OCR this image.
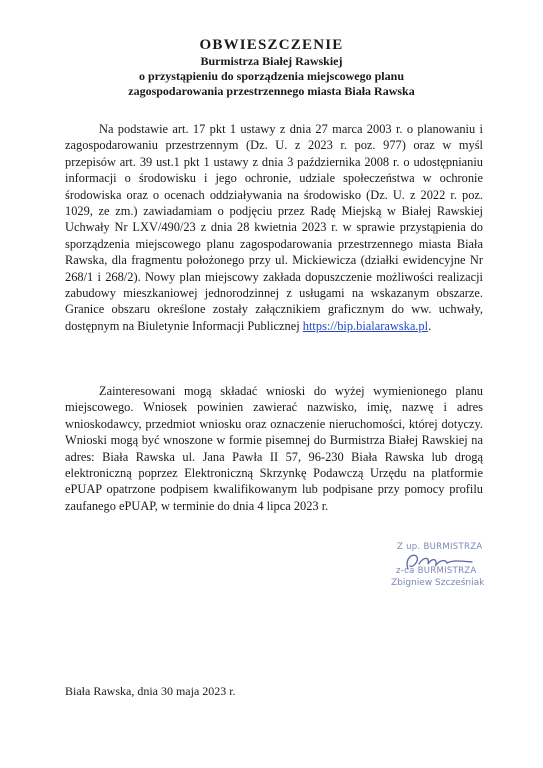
OBWIESZCZENIE

Burmistrza Białej Rawskiej

o przystąpieniu do sporządzenia miejscowego planu

zagospodarowania przestrzennego miasta Biała Rawska

Na podstawie art. 17 pkt 1 ustawy z dnia 27 marca 2003 r. o planowaniu i zagospodarowaniu przestrzennym (Dz. U. z 2023 r. poz. 977) oraz w myśl przepisów art. 39 ust.1 pkt 1 ustawy z dnia 3 października 2008 r. o udostępnianiu informacji o środowisku i jego ochronie, udziale społeczeństwa w ochronie środowiska oraz o ocenach oddziaływania na środowisko (Dz. U. z 2022 r. poz. 1029, ze zm.) zawiadamiam o podjęciu przez Radę Miejską w Białej Rawskiej Uchwały Nr LXV/490/23 z dnia 28 kwietnia 2023 r. w sprawie przystąpienia do sporządzenia miejscowego planu zagospodarowania przestrzennego miasta Biała Rawska, dla fragmentu położonego przy ul. Mickiewicza (działki ewidencyjne Nr 268/1 i 268/2). Nowy plan miejscowy zakłada dopuszczenie możliwości realizacji zabudowy mieszkaniowej jednorodzinnej z usługami na wskazanym obszarze. Granice obszaru określone zostały załącznikiem graficznym do ww. uchwały, dostępnym na Biuletynie Informacji Publicznej https://bip.bialarawska.pl.

Zainteresowani mogą składać wnioski do wyżej wymienionego planu miejscowego. Wniosek powinien zawierać nazwisko, imię, nazwę i adres wnioskodawcy, przedmiot wniosku oraz oznaczenie nieruchomości, której dotyczy. Wnioski mogą być wnoszone w formie pisemnej do Burmistrza Białej Rawskiej na adres: Biała Rawska ul. Jana Pawła II 57, 96-230 Biała Rawska lub drogą elektroniczną poprzez Elektroniczną Skrzynkę Podawczą Urzędu na platformie ePUAP opatrzone podpisem kwalifikowanym lub podpisane przy pomocy profilu zaufanego ePUAP, w terminie do dnia 4 lipca 2023 r.

Z up. BURMISTRZA
z-ca BURMISTRZA
Zbigniew Szcześniak
Biała Rawska, dnia 30 maja 2023 r.
